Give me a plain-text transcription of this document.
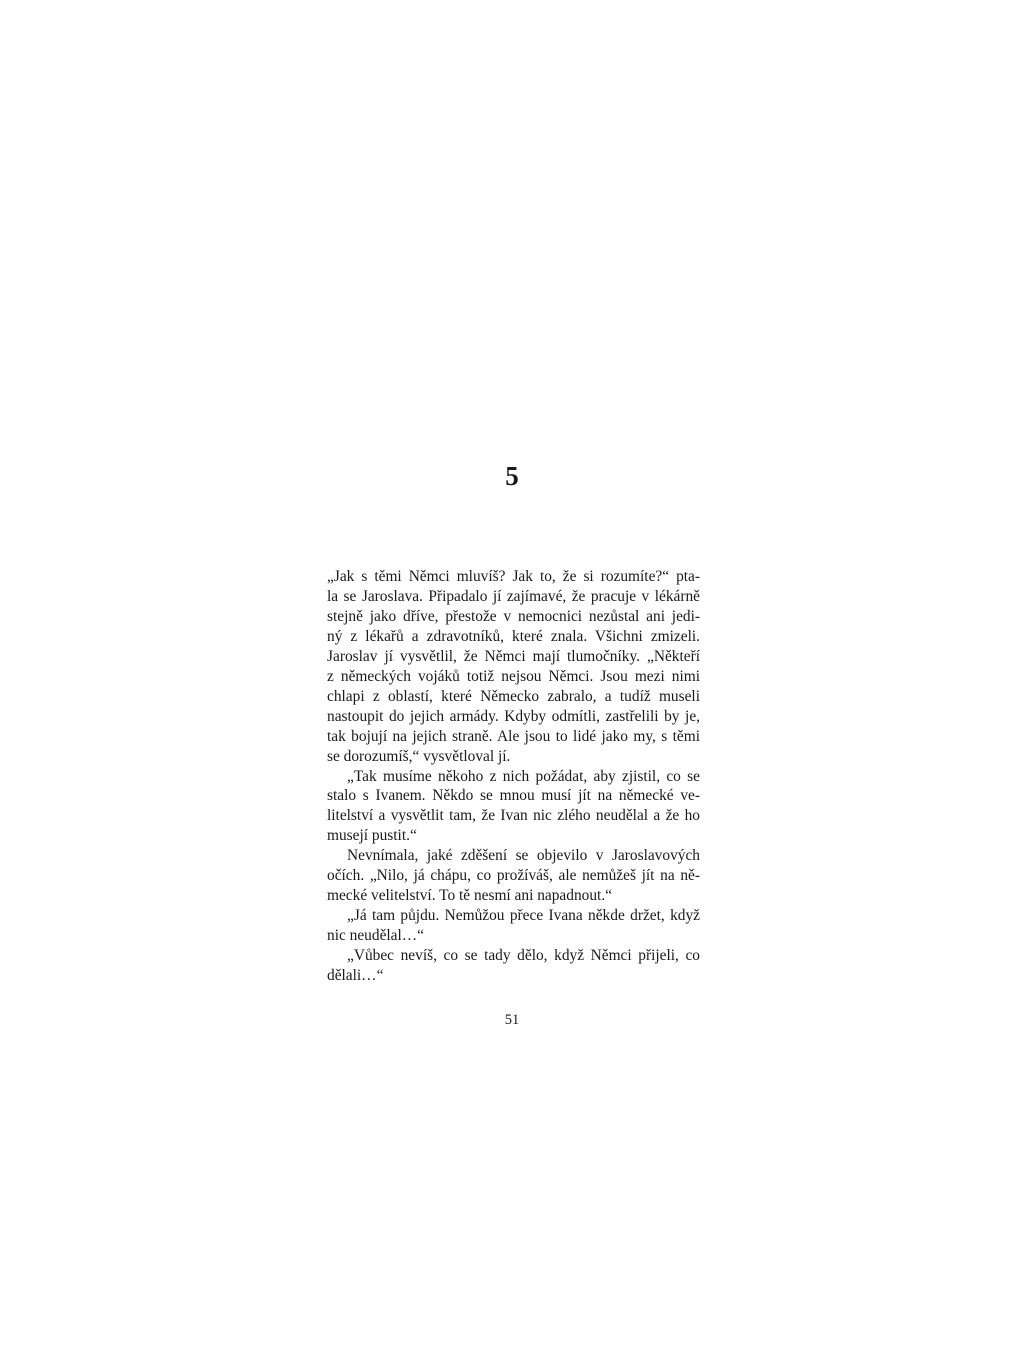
5
„Jak s těmi Němci mluvíš? Jak to, že si rozumíte?“ pta-
la se Jaroslava. Připadalo jí zajímavé, že pracuje v lékárně
stejně jako dříve, přestože v nemocnici nezůstal ani jedi-
ný z lékařů a zdravotníků, které znala. Všichni zmizeli.
Jaroslav jí vysvětlil, že Němci mají tlumočníky. „Někteří
z německých vojáků totiž nejsou Němci. Jsou mezi nimi
chlapi z oblastí, které Německo zabralo, a tudíž museli
nastoupit do jejich armády. Kdyby odmítli, zastřelili by je,
tak bojují na jejich straně. Ale jsou to lidé jako my, s těmi
se dorozumíš,“ vysvětloval jí.
„Tak musíme někoho z nich požádat, aby zjistil, co se
stalo s Ivanem. Někdo se mnou musí jít na německé ve-
litelství a vysvětlit tam, že Ivan nic zlého neudělal a že ho
musejí pustit.“
Nevnímala, jaké zděšení se objevilo v Jaroslavových
očích. „Nilo, já chápu, co prožíváš, ale nemůžeš jít na ně-
mecké velitelství. To tě nesmí ani napadnout.“
„Já tam půjdu. Nemůžou přece Ivana někde držet, když
nic neudělal…“
„Vůbec nevíš, co se tady dělo, když Němci přijeli, co
dělali…“
51
